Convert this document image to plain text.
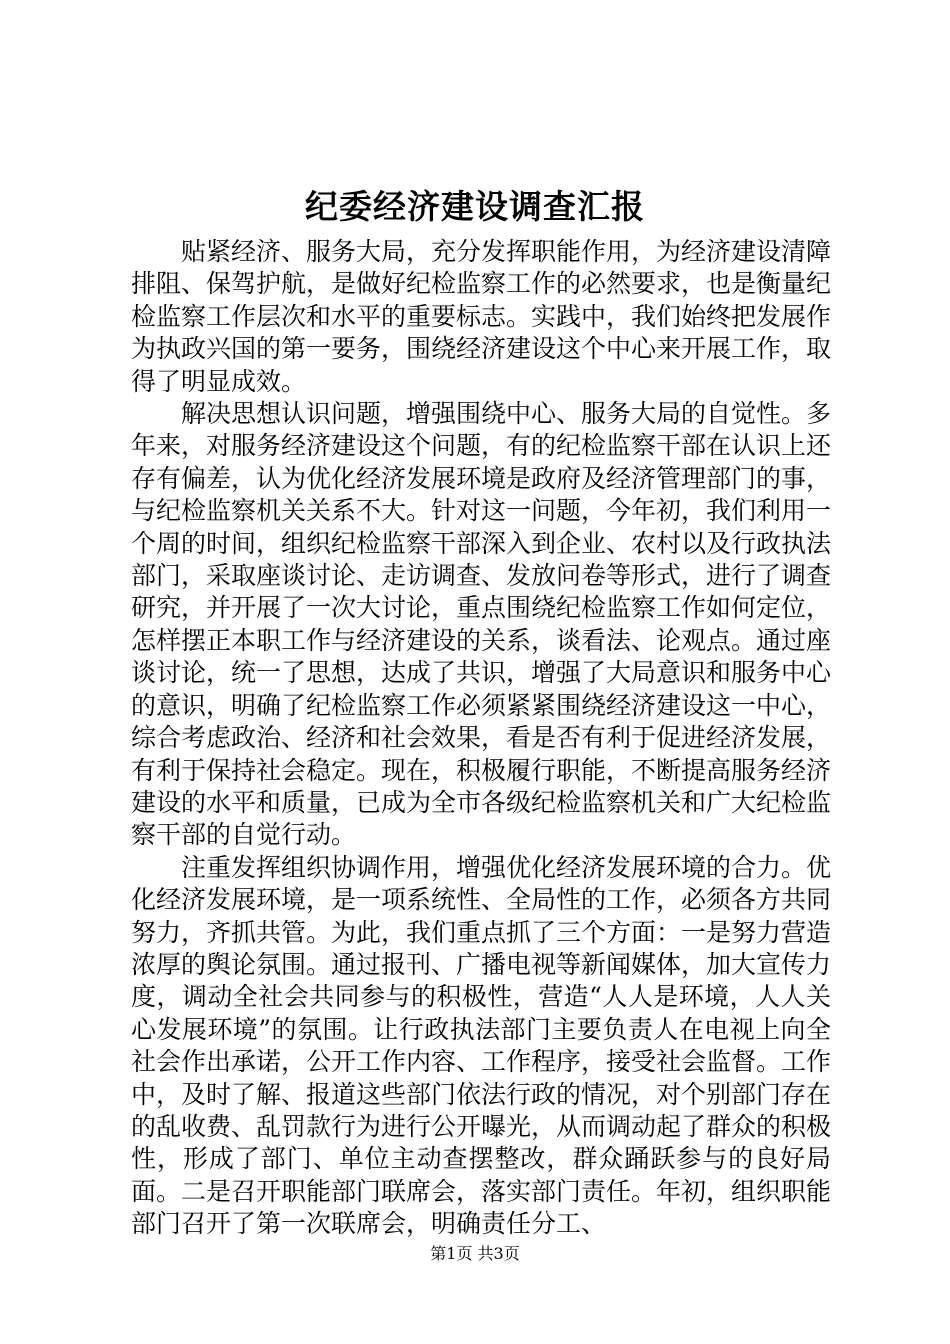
纪委经济建设调查汇报

贴紧经济、服务大局，充分发挥职能作用，为经济建设清障排阻、保驾护航，是做好纪检监察工作的必然要求，也是衡量纪检监察工作层次和水平的重要标志。实践中，我们始终把发展作为执政兴国的第一要务，围绕经济建设这个中心来开展工作，取得了明显成效。

解决思想认识问题，增强围绕中心、服务大局的自觉性。多年来，对服务经济建设这个问题，有的纪检监察干部在认识上还存有偏差，认为优化经济发展环境是政府及经济管理部门的事，与纪检监察机关关系不大。针对这一问题，今年初，我们利用一个周的时间，组织纪检监察干部深入到企业、农村以及行政执法部门，采取座谈讨论、走访调查、发放问卷等形式，进行了调查研究，并开展了一次大讨论，重点围绕纪检监察工作如何定位，怎样摆正本职工作与经济建设的关系，谈看法、论观点。通过座谈讨论，统一了思想，达成了共识，增强了大局意识和服务中心的意识，明确了纪检监察工作必须紧紧围绕经济建设这一中心，综合考虑政治、经济和社会效果，看是否有利于促进经济发展，有利于保持社会稳定。现在，积极履行职能，不断提高服务经济建设的水平和质量，已成为全市各级纪检监察机关和广大纪检监察干部的自觉行动。

注重发挥组织协调作用，增强优化经济发展环境的合力。优化经济发展环境，是一项系统性、全局性的工作，必须各方共同努力，齐抓共管。为此，我们重点抓了三个方面：一是努力营造浓厚的舆论氛围。通过报刊、广播电视等新闻媒体，加大宣传力度，调动全社会共同参与的积极性，营造“人人是环境，人人关心发展环境”的氛围。让行政执法部门主要负责人在电视上向全社会作出承诺，公开工作内容、工作程序，接受社会监督。工作中，及时了解、报道这些部门依法行政的情况，对个别部门存在的乱收费、乱罚款行为进行公开曝光，从而调动起了群众的积极性，形成了部门、单位主动查摆整改，群众踊跃参与的良好局面。二是召开职能部门联席会，落实部门责任。年初，组织职能部门召开了第一次联席会，明确责任分工、

第1页 共3页
